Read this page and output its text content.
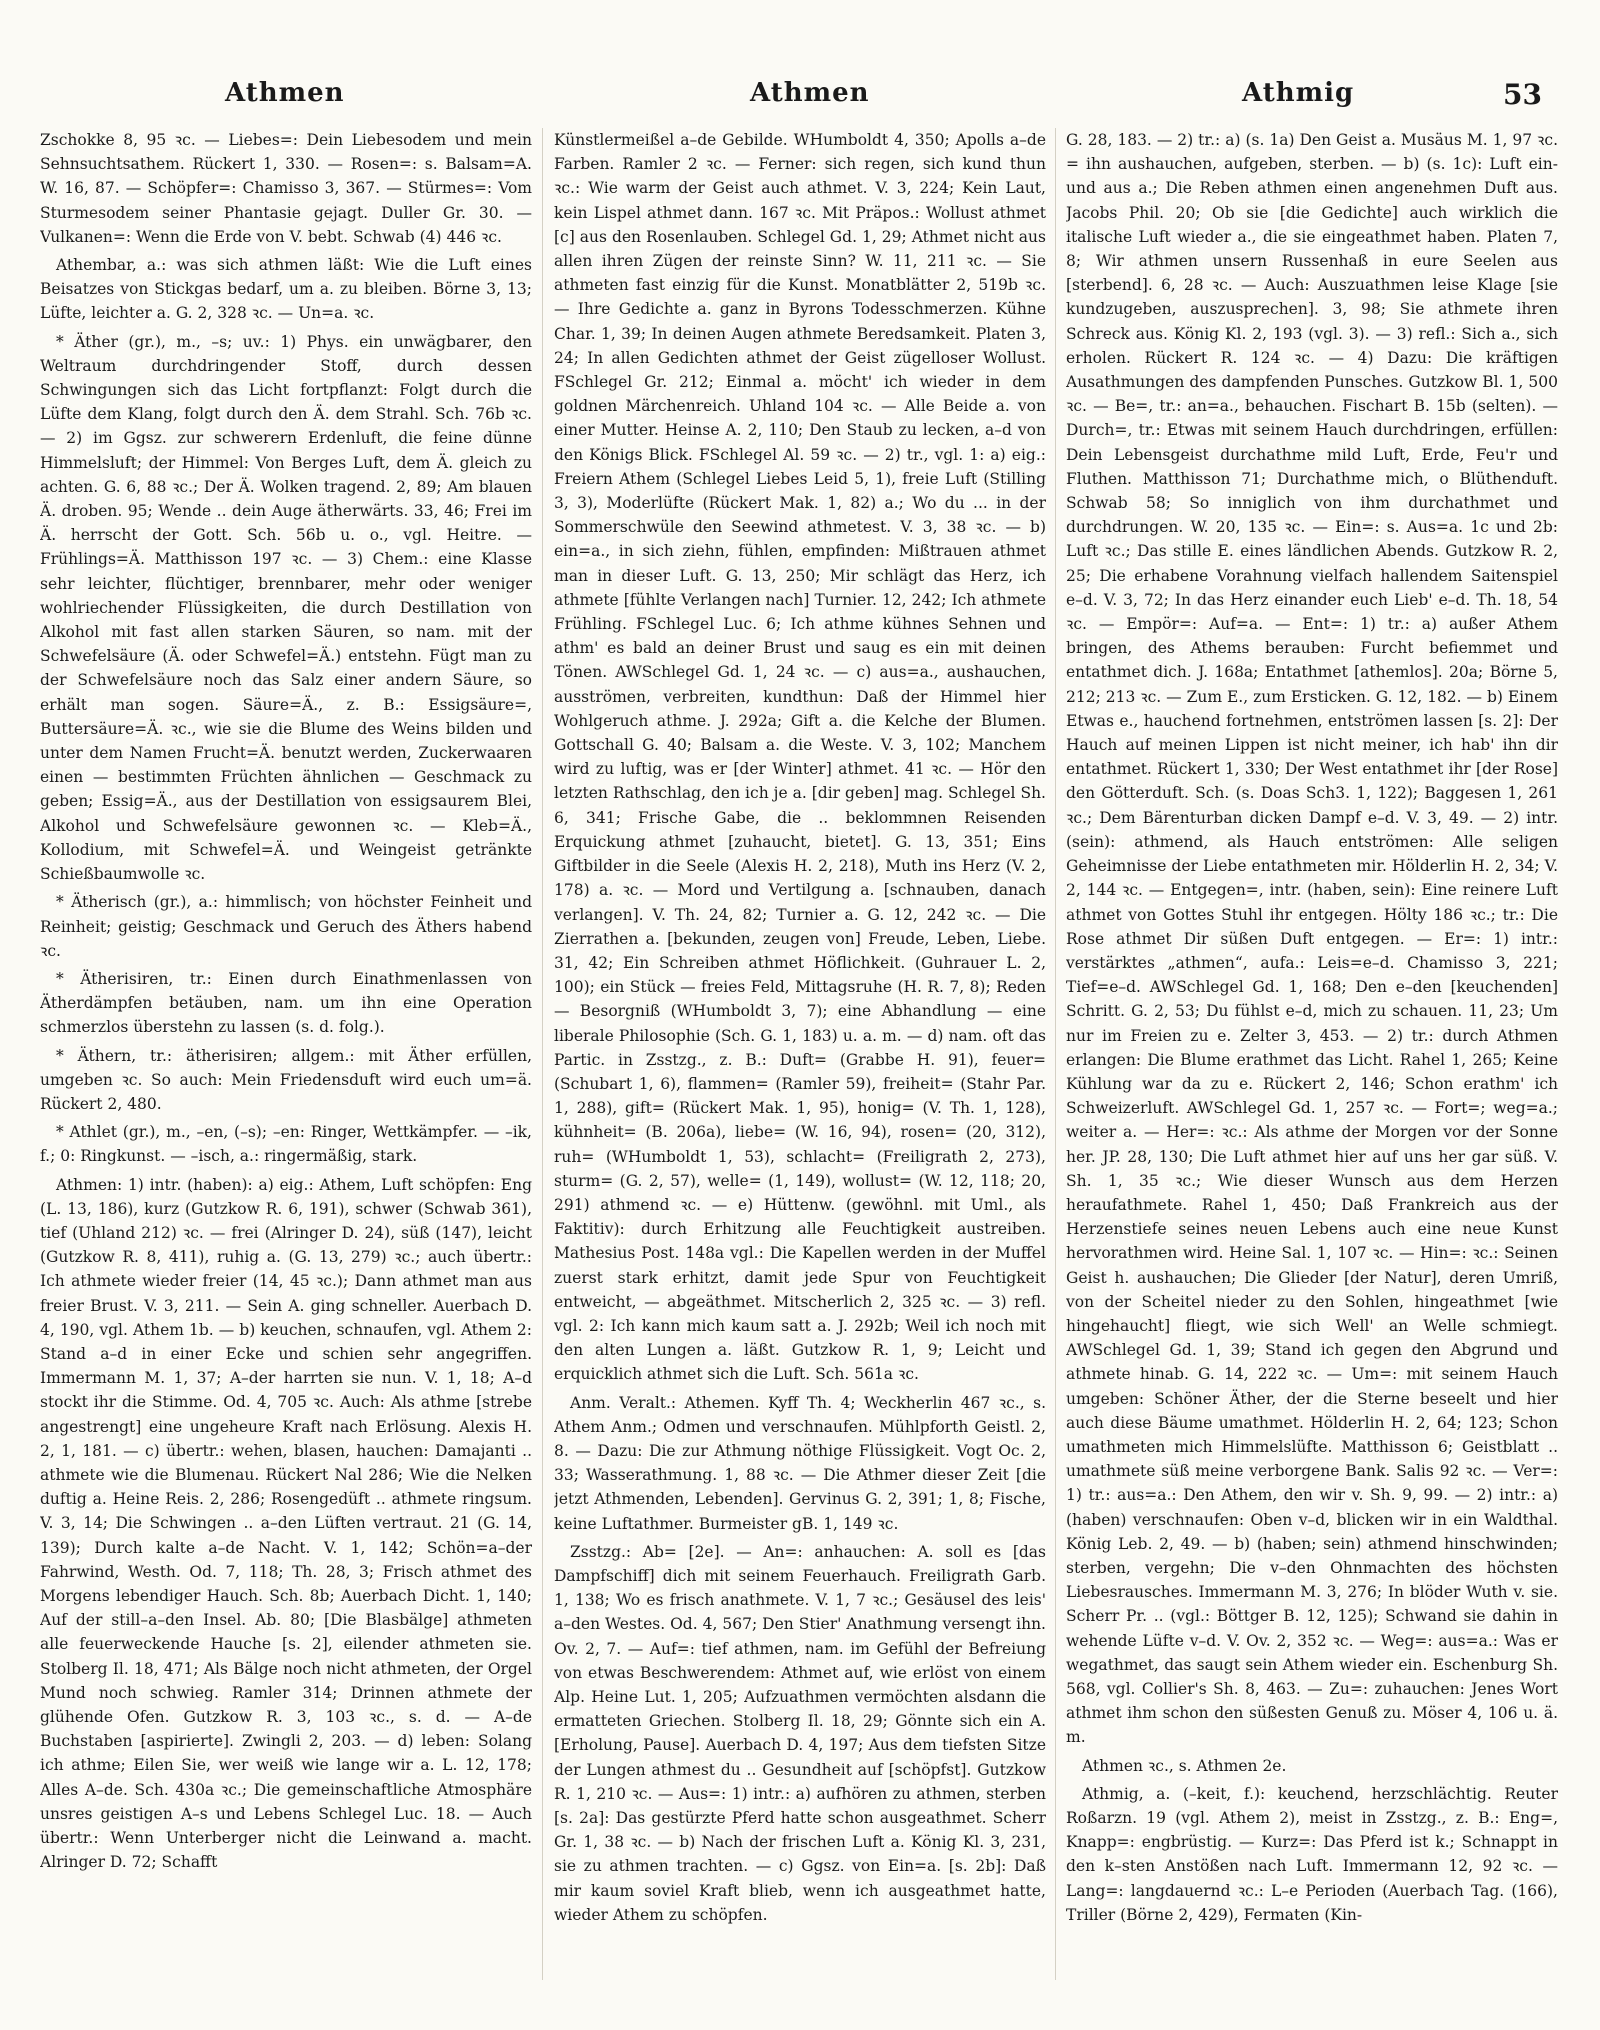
Athmen	Athmen	Athmig	53

Zschokke 8, 95 ꝛc. — Liebes=: Dein Liebesodem und mein Sehnsuchtsathem. Rückert 1, 330. — Rosen=: s. Balsam=A. W. 16, 87. — Schöpfer=: Chamisso 3, 367. — Stürmes=: Vom Sturmesodem seiner Phantasie gejagt. Duller Gr. 30. — Vulkanen=: Wenn die Erde von V. bebt. Schwab (4) 446 ꝛc.

Athembar, a.: was sich athmen läßt: Wie die Luft eines Beisatzes von Stickgas bedarf, um a. zu bleiben. Börne 3, 13; Lüfte, leichter a. G. 2, 328 ꝛc. — Un=a. ꝛc.

* Äther (gr.), m., –s; uv.: 1) Phys. ein unwägbarer, den Weltraum durchdringender Stoff, durch dessen Schwingungen sich das Licht fortpflanzt: Folgt durch die Lüfte dem Klang, folgt durch den Ä. dem Strahl. Sch. 76b ꝛc. — 2) im Ggsz. zur schwerern Erdenluft, die feine dünne Himmelsluft; der Himmel: Von Berges Luft, dem Ä. gleich zu achten. G. 6, 88 ꝛc.; Der Ä. Wolken tragend. 2, 89; Am blauen Ä. droben. 95; Wende .. dein Auge ätherwärts. 33, 46; Frei im Ä. herrscht der Gott. Sch. 56b u. o., vgl. Heitre. — Frühlings=Ä. Matthisson 197 ꝛc. — 3) Chem.: eine Klasse sehr leichter, flüchtiger, brennbarer, mehr oder weniger wohlriechender Flüssigkeiten, die durch Destillation von Alkohol mit fast allen starken Säuren, so nam. mit der Schwefelsäure (Ä. oder Schwefel=Ä.) entstehn. Fügt man zu der Schwefelsäure noch das Salz einer andern Säure, so erhält man sogen. Säure=Ä., z. B.: Essigsäure=, Buttersäure=Ä. ꝛc., wie sie die Blume des Weins bilden und unter dem Namen Frucht=Ä. benutzt werden, Zuckerwaaren einen — bestimmten Früchten ähnlichen — Geschmack zu geben; Essig=Ä., aus der Destillation von essigsaurem Blei, Alkohol und Schwefelsäure gewonnen ꝛc. — Kleb=Ä., Kollodium, mit Schwefel=Ä. und Weingeist getränkte Schießbaumwolle ꝛc.

* Ätherisch (gr.), a.: himmlisch; von höchster Feinheit und Reinheit; geistig; Geschmack und Geruch des Äthers habend ꝛc.

* Ätherisiren, tr.: Einen durch Einathmenlassen von Ätherdämpfen betäuben, nam. um ihn eine Operation schmerzlos überstehn zu lassen (s. d. folg.).

* Äthern, tr.: ätherisiren; allgem.: mit Äther erfüllen, umgeben ꝛc. So auch: Mein Friedensduft wird euch um=ä. Rückert 2, 480.

* Athlet (gr.), m., –en, (–s); –en: Ringer, Wettkämpfer. — –ik, f.; 0: Ringkunst. — –isch, a.: ringermäßig, stark.

Athmen: 1) intr. (haben): a) eig.: Athem, Luft schöpfen: Eng (L. 13, 186), kurz (Gutzkow R. 6, 191), schwer (Schwab 361), tief (Uhland 212) ꝛc. — frei (Alringer D. 24), süß (147), leicht (Gutzkow R. 8, 411), ruhig a. (G. 13, 279) ꝛc.; auch übertr.: Ich athmete wieder freier (14, 45 ꝛc.); Dann athmet man aus freier Brust. V. 3, 211. — Sein A. ging schneller. Auerbach D. 4, 190, vgl. Athem 1b. — b) keuchen, schnaufen, vgl. Athem 2: Stand a–d in einer Ecke und schien sehr angegriffen. Immermann M. 1, 37; A–der harrten sie nun. V. 1, 18; A–d stockt ihr die Stimme. Od. 4, 705 ꝛc. Auch: Als athme [strebe angestrengt] eine ungeheure Kraft nach Erlösung. Alexis H. 2, 1, 181. — c) übertr.: wehen, blasen, hauchen: Damajanti .. athmete wie die Blumenau. Rückert Nal 286; Wie die Nelken duftig a. Heine Reis. 2, 286; Rosengedüft .. athmete ringsum. V. 3, 14; Die Schwingen .. a–den Lüften vertraut. 21 (G. 14, 139); Durch kalte a–de Nacht. V. 1, 142; Schön=a–der Fahrwind, Westh. Od. 7, 118; Th. 28, 3; Frisch athmet des Morgens lebendiger Hauch. Sch. 8b; Auerbach Dicht. 1, 140; Auf der still–a–den Insel. Ab. 80; [Die Blasbälge] athmeten alle feuerweckende Hauche [s. 2], eilender athmeten sie. Stolberg Il. 18, 471; Als Bälge noch nicht athmeten, der Orgel Mund noch schwieg. Ramler 314; Drinnen athmete der glühende Ofen. Gutzkow R. 3, 103 ꝛc., s. d. — A–de Buchstaben [aspirierte]. Zwingli 2, 203. — d) leben: Solang ich athme; Eilen Sie, wer weiß wie lange wir a. L. 12, 178; Alles A–de. Sch. 430a ꝛc.; Die gemeinschaftliche Atmosphäre unsres geistigen A–s und Lebens Schlegel Luc. 18. — Auch übertr.: Wenn Unterberger nicht die Leinwand a. macht. Alringer D. 72; Schafft

Künstlermeißel a–de Gebilde. WHumboldt 4, 350; Apolls a–de Farben. Ramler 2 ꝛc. — Ferner: sich regen, sich kund thun ꝛc.: Wie warm der Geist auch athmet. V. 3, 224; Kein Laut, kein Lispel athmet dann. 167 ꝛc. Mit Präpos.: Wollust athmet [c] aus den Rosenlauben. Schlegel Gd. 1, 29; Athmet nicht aus allen ihren Zügen der reinste Sinn? W. 11, 211 ꝛc. — Sie athmeten fast einzig für die Kunst. Monatblätter 2, 519b ꝛc. — Ihre Gedichte a. ganz in Byrons Todesschmerzen. Kühne Char. 1, 39; In deinen Augen athmete Beredsamkeit. Platen 3, 24; In allen Gedichten athmet der Geist zügelloser Wollust. FSchlegel Gr. 212; Einmal a. möcht' ich wieder in dem goldnen Märchenreich. Uhland 104 ꝛc. — Alle Beide a. von einer Mutter. Heinse A. 2, 110; Den Staub zu lecken, a–d von den Königs Blick. FSchlegel Al. 59 ꝛc. — 2) tr., vgl. 1: a) eig.: Freiern Athem (Schlegel Liebes Leid 5, 1), freie Luft (Stilling 3, 3), Moderlüfte (Rückert Mak. 1, 82) a.; Wo du ... in der Sommerschwüle den Seewind athmetest. V. 3, 38 ꝛc. — b) ein=a., in sich ziehn, fühlen, empfinden: Mißtrauen athmet man in dieser Luft. G. 13, 250; Mir schlägt das Herz, ich athmete [fühlte Verlangen nach] Turnier. 12, 242; Ich athmete Frühling. FSchlegel Luc. 6; Ich athme kühnes Sehnen und athm' es bald an deiner Brust und saug es ein mit deinen Tönen. AWSchlegel Gd. 1, 24 ꝛc. — c) aus=a., aushauchen, ausströmen, verbreiten, kundthun: Daß der Himmel hier Wohlgeruch athme. J. 292a; Gift a. die Kelche der Blumen. Gottschall G. 40; Balsam a. die Weste. V. 3, 102; Manchem wird zu luftig, was er [der Winter] athmet. 41 ꝛc. — Hör den letzten Rathschlag, den ich je a. [dir geben] mag. Schlegel Sh. 6, 341; Frische Gabe, die .. beklommnen Reisenden Erquickung athmet [zuhaucht, bietet]. G. 13, 351; Eins Giftbilder in die Seele (Alexis H. 2, 218), Muth ins Herz (V. 2, 178) a. ꝛc. — Mord und Vertilgung a. [schnauben, danach verlangen]. V. Th. 24, 82; Turnier a. G. 12, 242 ꝛc. — Die Zierrathen a. [bekunden, zeugen von] Freude, Leben, Liebe. 31, 42; Ein Schreiben athmet Höflichkeit. (Guhrauer L. 2, 100); ein Stück — freies Feld, Mittagsruhe (H. R. 7, 8); Reden — Besorgniß (WHumboldt 3, 7); eine Abhandlung — eine liberale Philosophie (Sch. G. 1, 183) u. a. m. — d) nam. oft das Partic. in Zsstzg., z. B.: Duft= (Grabbe H. 91), feuer= (Schubart 1, 6), flammen= (Ramler 59), freiheit= (Stahr Par. 1, 288), gift= (Rückert Mak. 1, 95), honig= (V. Th. 1, 128), kühnheit= (B. 206a), liebe= (W. 16, 94), rosen= (20, 312), ruh= (WHumboldt 1, 53), schlacht= (Freiligrath 2, 273), sturm= (G. 2, 57), welle= (1, 149), wollust= (W. 12, 118; 20, 291) athmend ꝛc. — e) Hüttenw. (gewöhnl. mit Uml., als Faktitiv): durch Erhitzung alle Feuchtigkeit austreiben. Mathesius Post. 148a vgl.: Die Kapellen werden in der Muffel zuerst stark erhitzt, damit jede Spur von Feuchtigkeit entweicht, — abgeäthmet. Mitscherlich 2, 325 ꝛc. — 3) refl. vgl. 2: Ich kann mich kaum satt a. J. 292b; Weil ich noch mit den alten Lungen a. läßt. Gutzkow R. 1, 9; Leicht und erquicklich athmet sich die Luft. Sch. 561a ꝛc.

Anm. Veralt.: Athemen. Kyff Th. 4; Weckherlin 467 ꝛc., s. Athem Anm.; Odmen und verschnaufen. Mühlpforth Geistl. 2, 8. — Dazu: Die zur Athmung nöthige Flüssigkeit. Vogt Oc. 2, 33; Wasserathmung. 1, 88 ꝛc. — Die Athmer dieser Zeit [die jetzt Athmenden, Lebenden]. Gervinus G. 2, 391; 1, 8; Fische, keine Luftathmer. Burmeister gB. 1, 149 ꝛc.

Zsstzg.: Ab= [2e]. — An=: anhauchen: A. soll es [das Dampfschiff] dich mit seinem Feuerhauch. Freiligrath Garb. 1, 138; Wo es frisch anathmete. V. 1, 7 ꝛc.; Gesäusel des leis' a–den Westes. Od. 4, 567; Den Stier' Anathmung versengt ihn. Ov. 2, 7. — Auf=: tief athmen, nam. im Gefühl der Befreiung von etwas Beschwerendem: Athmet auf, wie erlöst von einem Alp. Heine Lut. 1, 205; Aufzuathmen vermöchten alsdann die ermatteten Griechen. Stolberg Il. 18, 29; Gönnte sich ein A. [Erholung, Pause]. Auerbach D. 4, 197; Aus dem tiefsten Sitze der Lungen athmest du .. Gesundheit auf [schöpfst]. Gutzkow R. 1, 210 ꝛc. — Aus=: 1) intr.: a) aufhören zu athmen, sterben [s. 2a]: Das gestürzte Pferd hatte schon ausgeathmet. Scherr Gr. 1, 38 ꝛc. — b) Nach der frischen Luft a. König Kl. 3, 231, sie zu athmen trachten. — c) Ggsz. von Ein=a. [s. 2b]: Daß mir kaum soviel Kraft blieb, wenn ich ausgeathmet hatte, wieder Athem zu schöpfen.

G. 28, 183. — 2) tr.: a) (s. 1a) Den Geist a. Musäus M. 1, 97 ꝛc. = ihn aushauchen, aufgeben, sterben. — b) (s. 1c): Luft ein- und aus a.; Die Reben athmen einen angenehmen Duft aus. Jacobs Phil. 20; Ob sie [die Gedichte] auch wirklich die italische Luft wieder a., die sie eingeathmet haben. Platen 7, 8; Wir athmen unsern Russenhaß in eure Seelen aus [sterbend]. 6, 28 ꝛc. — Auch: Auszuathmen leise Klage [sie kundzugeben, auszusprechen]. 3, 98; Sie athmete ihren Schreck aus. König Kl. 2, 193 (vgl. 3). — 3) refl.: Sich a., sich erholen. Rückert R. 124 ꝛc. — 4) Dazu: Die kräftigen Ausathmungen des dampfenden Punsches. Gutzkow Bl. 1, 500 ꝛc. — Be=, tr.: an=a., behauchen. Fischart B. 15b (selten). — Durch=, tr.: Etwas mit seinem Hauch durchdringen, erfüllen: Dein Lebensgeist durchathme mild Luft, Erde, Feu'r und Fluthen. Matthisson 71; Durchathme mich, o Blüthenduft. Schwab 58; So inniglich von ihm durchathmet und durchdrungen. W. 20, 135 ꝛc. — Ein=: s. Aus=a. 1c und 2b: Luft ꝛc.; Das stille E. eines ländlichen Abends. Gutzkow R. 2, 25; Die erhabene Vorahnung vielfach hallendem Saitenspiel e–d. V. 3, 72; In das Herz einander euch Lieb' e–d. Th. 18, 54 ꝛc. — Empör=: Auf=a. — Ent=: 1) tr.: a) außer Athem bringen, des Athems berauben: Furcht befiemmet und entathmet dich. J. 168a; Entathmet [athemlos]. 20a; Börne 5, 212; 213 ꝛc. — Zum E., zum Ersticken. G. 12, 182. — b) Einem Etwas e., hauchend fortnehmen, entströmen lassen [s. 2]: Der Hauch auf meinen Lippen ist nicht meiner, ich hab' ihn dir entathmet. Rückert 1, 330; Der West entathmet ihr [der Rose] den Götterduft. Sch. (s. Doas Sch3. 1, 122); Baggesen 1, 261 ꝛc.; Dem Bärenturban dicken Dampf e–d. V. 3, 49. — 2) intr. (sein): athmend, als Hauch entströmen: Alle seligen Geheimnisse der Liebe entathmeten mir. Hölderlin H. 2, 34; V. 2, 144 ꝛc. — Entgegen=, intr. (haben, sein): Eine reinere Luft athmet von Gottes Stuhl ihr entgegen. Hölty 186 ꝛc.; tr.: Die Rose athmet Dir süßen Duft entgegen. — Er=: 1) intr.: verstärktes „athmen“, aufa.: Leis=e–d. Chamisso 3, 221; Tief=e–d. AWSchlegel Gd. 1, 168; Den e–den [keuchenden] Schritt. G. 2, 53; Du fühlst e–d, mich zu schauen. 11, 23; Um nur im Freien zu e. Zelter 3, 453. — 2) tr.: durch Athmen erlangen: Die Blume erathmet das Licht. Rahel 1, 265; Keine Kühlung war da zu e. Rückert 2, 146; Schon erathm' ich Schweizerluft. AWSchlegel Gd. 1, 257 ꝛc. — Fort=; weg=a.; weiter a. — Her=: ꝛc.: Als athme der Morgen vor der Sonne her. JP. 28, 130; Die Luft athmet hier auf uns her gar süß. V. Sh. 1, 35 ꝛc.; Wie dieser Wunsch aus dem Herzen heraufathmete. Rahel 1, 450; Daß Frankreich aus der Herzenstiefe seines neuen Lebens auch eine neue Kunst hervorathmen wird. Heine Sal. 1, 107 ꝛc. — Hin=: ꝛc.: Seinen Geist h. aushauchen; Die Glieder [der Natur], deren Umriß, von der Scheitel nieder zu den Sohlen, hingeathmet [wie hingehaucht] fliegt, wie sich Well' an Welle schmiegt. AWSchlegel Gd. 1, 39; Stand ich gegen den Abgrund und athmete hinab. G. 14, 222 ꝛc. — Um=: mit seinem Hauch umgeben: Schöner Äther, der die Sterne beseelt und hier auch diese Bäume umathmet. Hölderlin H. 2, 64; 123; Schon umathmeten mich Himmelslüfte. Matthisson 6; Geistblatt .. umathmete süß meine verborgene Bank. Salis 92 ꝛc. — Ver=: 1) tr.: aus=a.: Den Athem, den wir v. Sh. 9, 99. — 2) intr.: a) (haben) verschnaufen: Oben v–d, blicken wir in ein Waldthal. König Leb. 2, 49. — b) (haben; sein) athmend hinschwinden; sterben, vergehn; Die v–den Ohnmachten des höchsten Liebesrausches. Immermann M. 3, 276; In blöder Wuth v. sie. Scherr Pr. .. (vgl.: Böttger B. 12, 125); Schwand sie dahin in wehende Lüfte v–d. V. Ov. 2, 352 ꝛc. — Weg=: aus=a.: Was er wegathmet, das saugt sein Athem wieder ein. Eschenburg Sh. 568, vgl. Collier's Sh. 8, 463. — Zu=: zuhauchen: Jenes Wort athmet ihm schon den süßesten Genuß zu. Möser 4, 106 u. ä. m.

Athmen ꝛc., s. Athmen 2e.

Athmig, a. (–keit, f.): keuchend, herzschlächtig. Reuter Roßarzn. 19 (vgl. Athem 2), meist in Zsstzg., z. B.: Eng=, Knapp=: engbrüstig. — Kurz=: Das Pferd ist k.; Schnappt in den k–sten Anstößen nach Luft. Immermann 12, 92 ꝛc. — Lang=: langdauernd ꝛc.: L–e Perioden (Auerbach Tag. (166), Triller (Börne 2, 429), Fermaten (Kin-
